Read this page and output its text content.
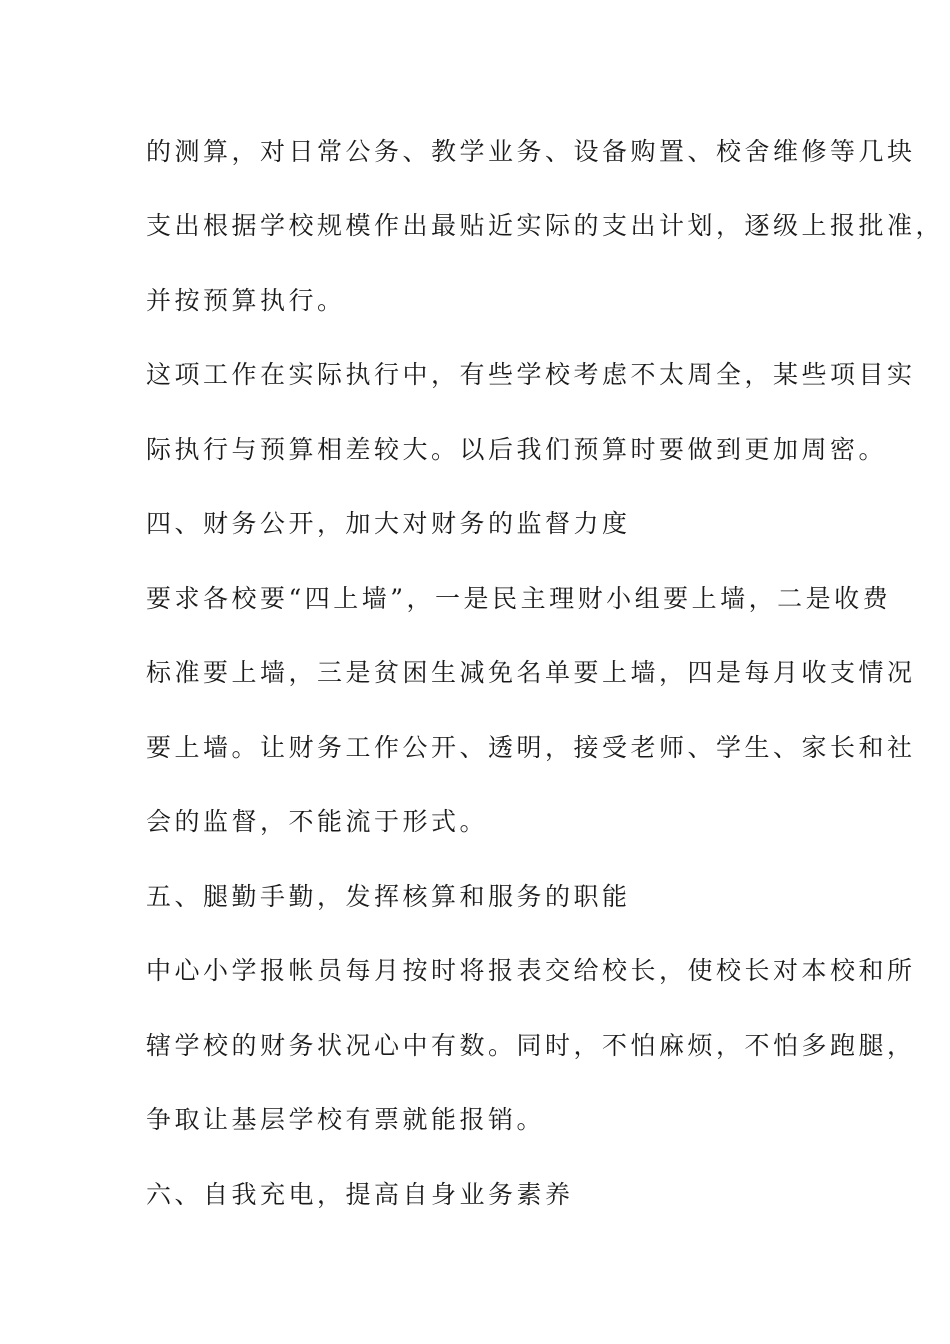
的测算，对日常公务、教学业务、设备购置、校舍维修等几块
支出根据学校规模作出最贴近实际的支出计划，逐级上报批准，
并按预算执行。
这项工作在实际执行中，有些学校考虑不太周全，某些项目实
际执行与预算相差较大。以后我们预算时要做到更加周密。
四、财务公开，加大对财务的监督力度
要求各校要“四上墙”，一是民主理财小组要上墙，二是收费
标准要上墙，三是贫困生减免名单要上墙，四是每月收支情况
要上墙。让财务工作公开、透明，接受老师、学生、家长和社
会的监督，不能流于形式。
五、腿勤手勤，发挥核算和服务的职能
中心小学报帐员每月按时将报表交给校长，使校长对本校和所
辖学校的财务状况心中有数。同时，不怕麻烦，不怕多跑腿，
争取让基层学校有票就能报销。
六、自我充电，提高自身业务素养
